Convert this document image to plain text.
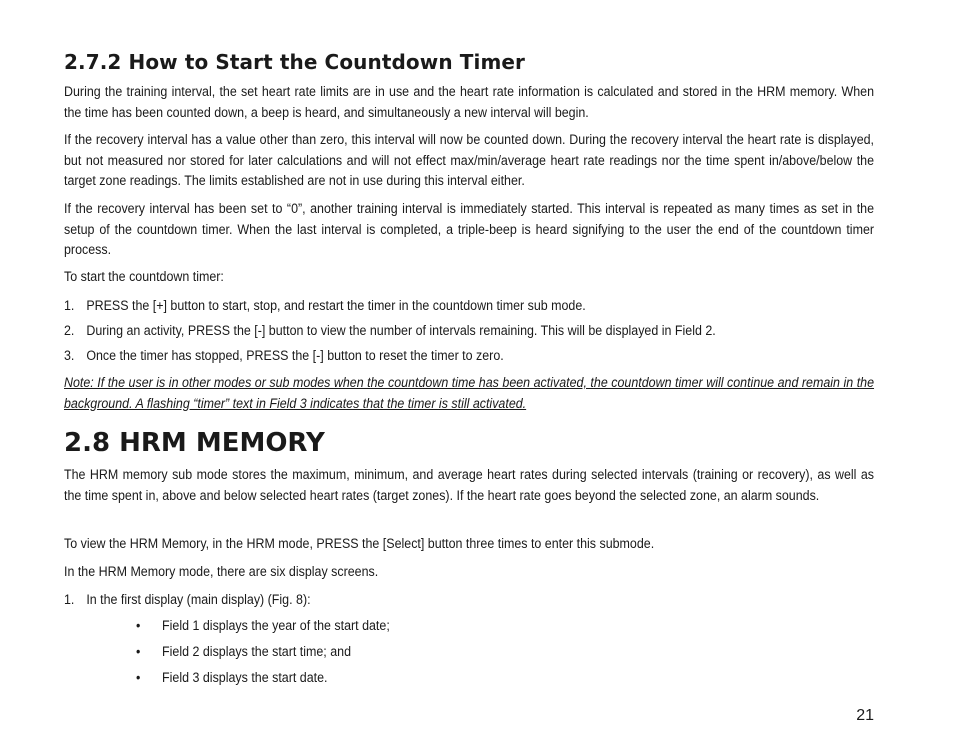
2.7.2 How to Start the Countdown Timer

During the training interval, the set heart rate limits are in use and the heart rate information is calculated and stored in the HRM memory. When the time has been counted down, a beep is heard, and simultaneously a new interval will begin.

If the recovery interval has a value other than zero, this interval will now be counted down. During the recovery interval the heart rate is displayed, but not measured nor stored for later calculations and will not effect max/min/average heart rate readings nor the time spent in/above/below the target zone readings. The limits established are not in use during this interval either.

If the recovery interval has been set to “0”, another training interval is immediately started. This interval is repeated as many times as set in the setup of the countdown timer. When the last interval is completed, a triple-beep is heard signifying to the user the end of the countdown timer process.

To start the countdown timer:

1. PRESS the [+] button to start, stop, and restart the timer in the countdown timer sub mode.
2. During an activity, PRESS the [-] button to view the number of intervals remaining. This will be displayed in Field 2.
3. Once the timer has stopped, PRESS the [-] button to reset the timer to zero.

Note: If the user is in other modes or sub modes when the countdown time has been activated, the countdown timer will continue and remain in the background. A flashing “timer” text in Field 3 indicates that the timer is still activated.

2.8 HRM MEMORY

The HRM memory sub mode stores the maximum, minimum, and average heart rates during selected intervals (training or recovery), as well as the time spent in, above and below selected heart rates (target zones). If the heart rate goes beyond the selected zone, an alarm sounds.

To view the HRM Memory, in the HRM mode, PRESS the [Select] button three times to enter this submode.

In the HRM Memory mode, there are six display screens.

1. In the first display (main display) (Fig. 8):
• Field 1 displays the year of the start date;
• Field 2 displays the start time; and
• Field 3 displays the start date.
21
